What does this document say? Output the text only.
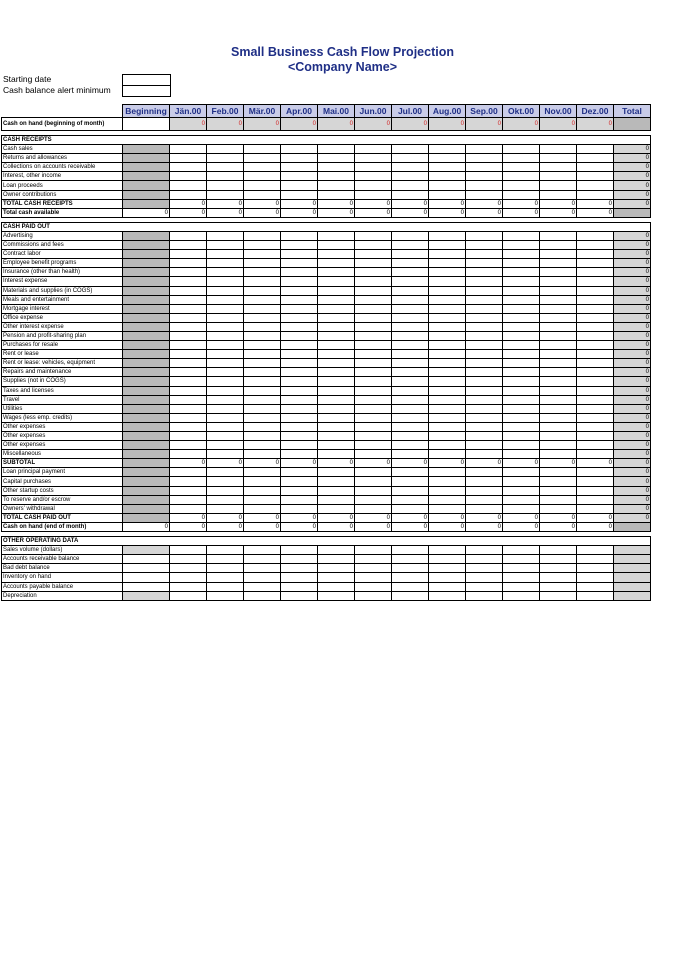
Small Business Cash Flow Projection
<Company Name>
Starting date
Cash balance alert minimum
	Beginning	Jän.00	Feb.00	Mär.00	Apr.00	Mai.00	Jun.00	Jul.00	Aug.00	Sep.00	Okt.00	Nov.00	Dez.00	Total
Cash on hand (beginning of month)		0	0	0	0	0	0	0	0	0	0	0	0	

CASH RECEIPTS														
Cash sales														0
Returns and allowances														0
Collections on accounts receivable														0
Interest, other income														0
Loan proceeds														0
Owner contributions														0
TOTAL CASH RECEIPTS		0	0	0	0	0	0	0	0	0	0	0	0	0
Total cash available	0	0	0	0	0	0	0	0	0	0	0	0	0	

CASH PAID OUT														
Advertising														0
Commissions and fees														0
Contract labor														0
Employee benefit programs														0
Insurance (other than health)														0
Interest expense														0
Materials and supplies (in COGS)														0
Meals and entertainment														0
Mortgage interest														0
Office expense														0
Other interest expense														0
Pension and profit-sharing plan														0
Purchases for resale														0
Rent or lease														0
Rent or lease: vehicles, equipment														0
Repairs and maintenance														0
Supplies (not in COGS)														0
Taxes and licenses														0
Travel														0
Utilities														0
Wages (less emp. credits)														0
Other expenses														0
Other expenses														0
Other expenses														0
Miscellaneous														0
SUBTOTAL		0	0	0	0	0	0	0	0	0	0	0	0	0
Loan principal payment														0
Capital purchases														0
Other startup costs														0
To reserve and/or escrow														0
Owners' withdrawal														0
TOTAL CASH PAID OUT		0	0	0	0	0	0	0	0	0	0	0	0	0
Cash on hand (end of month)	0	0	0	0	0	0	0	0	0	0	0	0	0	

OTHER OPERATING DATA														
Sales volume (dollars)														
Accounts receivable balance														
Bad debt balance														
Inventory on hand														
Accounts payable balance														
Depreciation														
